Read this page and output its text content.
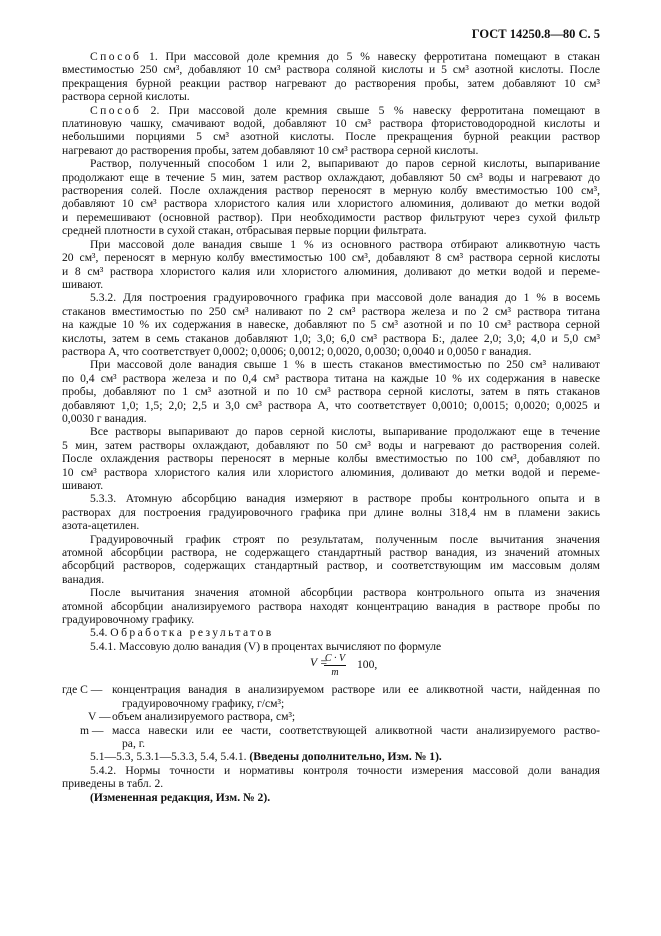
ГОСТ 14250.8—80 С. 5
Способ 1. При массовой доле кремния до 5 % навеску ферротитана помещают в стакан
вместимостью 250 см³, добавляют 10 см³ раствора соляной кислоты и 5 см³ азотной кислоты. После
прекращения бурной реакции раствор нагревают до растворения пробы, затем добавляют 10 см³
раствора серной кислоты.
Способ 2. При массовой доле кремния свыше 5 % навеску ферротитана помещают в
платиновую чашку, смачивают водой, добавляют 10 см³ раствора фтористоводородной кислоты и
небольшими порциями 5 см³ азотной кислоты. После прекращения бурной реакции раствор
нагревают до растворения пробы, затем добавляют 10 см³ раствора серной кислоты.
Раствор, полученный способом 1 или 2, выпаривают до паров серной кислоты, выпаривание
продолжают еще в течение 5 мин, затем раствор охлаждают, добавляют 50 см³ воды и нагревают до
растворения солей. После охлаждения раствор переносят в мерную колбу вместимостью 100 см³,
добавляют 10 см³ раствора хлористого калия или хлористого алюминия, доливают до метки водой
и перемешивают (основной раствор). При необходимости раствор фильтруют через сухой фильтр
средней плотности в сухой стакан, отбрасывая первые порции фильтрата.
При массовой доле ванадия свыше 1 % из основного раствора отбирают аликвотную часть
20 см³, переносят в мерную колбу вместимостью 100 см³, добавляют 8 см³ раствора серной кислоты
и 8 см³ раствора хлористого калия или хлористого алюминия, доливают до метки водой и переме-
шивают.
5.3.2. Для построения градуировочного графика при массовой доле ванадия до 1 % в восемь
стаканов вместимостью по 250 см³ наливают по 2 см³ раствора железа и по 2 см³ раствора титана
на каждые 10 % их содержания в навеске, добавляют по 5 см³ азотной и по 10 см³ раствора серной
кислоты, затем в семь стаканов добавляют 1,0; 3,0; 6,0 см³ раствора Б:, далее 2,0; 3,0; 4,0 и 5,0 см³
раствора А, что соответствует 0,0002; 0,0006; 0,0012; 0,0020, 0,0030; 0,0040 и 0,0050 г ванадия.
При массовой доле ванадия свыше 1 % в шесть стаканов вместимостью по 250 см³ наливают
по 0,4 см³ раствора железа и по 0,4 см³ раствора титана на каждые 10 % их содержания в навеске
пробы, добавляют по 1 см³ азотной и по 10 см³ раствора серной кислоты, затем в пять стаканов
добавляют 1,0; 1,5; 2,0; 2,5 и 3,0 см³ раствора А, что соответствует 0,0010; 0,0015; 0,0020; 0,0025 и
0,0030 г ванадия.
Все растворы выпаривают до паров серной кислоты, выпаривание продолжают еще в течение
5 мин, затем растворы охлаждают, добавляют по 50 см³ воды и нагревают до растворения солей.
После охлаждения растворы переносят в мерные колбы вместимостью по 100 см³, добавляют по
10 см³ раствора хлористого калия или хлористого алюминия, доливают до метки водой и переме-
шивают.
5.3.3. Атомную абсорбцию ванадия измеряют в растворе пробы контрольного опыта и в
растворах для построения градуировочного графика при длине волны 318,4 нм в пламени закись
азота-ацетилен.
Градуировочный график строят по результатам, полученным после вычитания значения
атомной абсорбции раствора, не содержащего стандартный раствор ванадия, из значений атомных
абсорбций растворов, содержащих стандартный раствор, и соответствующим им массовым долям
ванадия.
После вычитания значения атомной абсорбции раствора контрольного опыта из значения
атомной абсорбции анализируемого раствора находят концентрацию ванадия в растворе пробы по
градуировочному графику.
5.4. Обработка результатов
5.4.1. Массовую долю ванадия (V) в процентах вычисляют по формуле
V =
C · V
m
100,
где C — концентрация ванадия в анализируемом растворе или ее аликвотной части, найденная по
градуировочному графику, г/см³;
V — объем анализируемого раствора, см³;
m — масса навески или ее части, соответствующей аликвотной части анализируемого раство-
ра, г.
5.1—5.3, 5.3.1—5.3.3, 5.4, 5.4.1. (Введены дополнительно, Изм. № 1).
5.4.2. Нормы точности и нормативы контроля точности измерения массовой доли ванадия
приведены в табл. 2.
(Измененная редакция, Изм. № 2).
